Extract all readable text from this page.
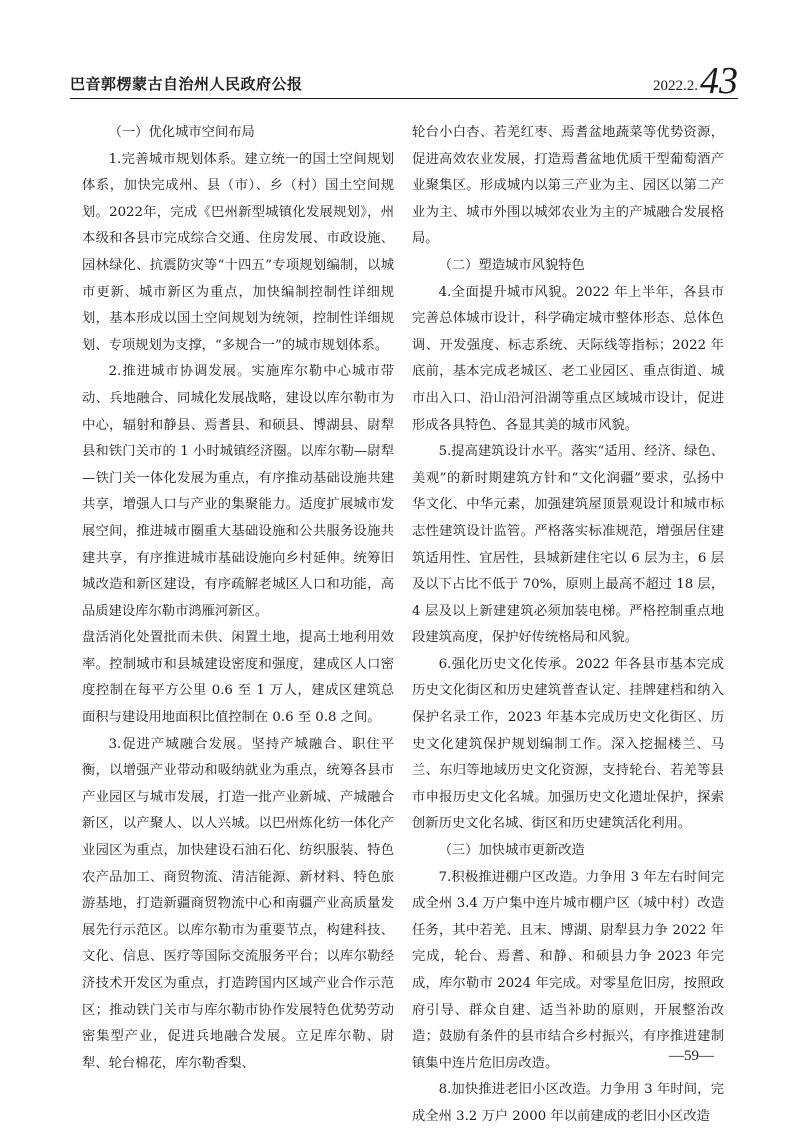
巴音郭楞蒙古自治州人民政府公报	2022.2. 43

（一）优化城市空间布局

1.完善城市规划体系。建立统一的国土空间规划体系，加快完成州、县（市）、乡（村）国土空间规划。2022年，完成《巴州新型城镇化发展规划》，州本级和各县市完成综合交通、住房发展、市政设施、园林绿化、抗震防灾等“十四五”专项规划编制，以城市更新、城市新区为重点，加快编制控制性详细规划，基本形成以国土空间规划为统领，控制性详细规划、专项规划为支撑，“多规合一”的城市规划体系。

2.推进城市协调发展。实施库尔勒中心城市带动、兵地融合、同城化发展战略，建设以库尔勒市为中心，辐射和静县、焉耆县、和硕县、博湖县、尉犁县和铁门关市的 1 小时城镇经济圈。以库尔勒—尉犁—铁门关一体化发展为重点，有序推动基础设施共建共享，增强人口与产业的集聚能力。适度扩展城市发展空间，推进城市圈重大基础设施和公共服务设施共建共享，有序推进城市基础设施向乡村延伸。统筹旧城改造和新区建设，有序疏解老城区人口和功能，高品质建设库尔勒市鸿雁河新区。

盘活消化处置批而未供、闲置土地，提高土地利用效率。控制城市和县城建设密度和强度，建成区人口密度控制在每平方公里 0.6 至 1 万人，建成区建筑总面积与建设用地面积比值控制在 0.6 至 0.8 之间。

3.促进产城融合发展。坚持产城融合、职住平衡，以增强产业带动和吸纳就业为重点，统筹各县市产业园区与城市发展，打造一批产业新城、产城融合新区，以产聚人、以人兴城。以巴州炼化纺一体化产业园区为重点，加快建设石油石化、纺织服装、特色农产品加工、商贸物流、清洁能源、新材料、特色旅游基地，打造新疆商贸物流中心和南疆产业高质量发展先行示范区。以库尔勒市为重要节点，构建科技、文化、信息、医疗等国际交流服务平台；以库尔勒经济技术开发区为重点，打造跨国内区域产业合作示范区；推动铁门关市与库尔勒市协作发展特色优势劳动密集型产业，促进兵地融合发展。立足库尔勒、尉犁、轮台棉花，库尔勒香梨、

轮台小白杏、若羌红枣、焉耆盆地蔬菜等优势资源，促进高效农业发展，打造焉耆盆地优质干型葡萄酒产业聚集区。形成城内以第三产业为主、园区以第二产业为主、城市外围以城郊农业为主的产城融合发展格局。

（二）塑造城市风貌特色

4.全面提升城市风貌。2022 年上半年，各县市完善总体城市设计，科学确定城市整体形态、总体色调、开发强度、标志系统、天际线等指标；2022 年底前，基本完成老城区、老工业园区、重点街道、城市出入口、沿山沿河沿湖等重点区域城市设计，促进形成各具特色、各显其美的城市风貌。

5.提高建筑设计水平。落实“适用、经济、绿色、美观”的新时期建筑方针和“文化润疆”要求，弘扬中华文化、中华元素，加强建筑屋顶景观设计和城市标志性建筑设计监管。严格落实标准规范，增强居住建筑适用性、宜居性，县城新建住宅以 6 层为主，6 层及以下占比不低于 70%，原则上最高不超过 18 层，4 层及以上新建建筑必须加装电梯。严格控制重点地段建筑高度，保护好传统格局和风貌。

6.强化历史文化传承。2022 年各县市基本完成历史文化街区和历史建筑普查认定、挂牌建档和纳入保护名录工作，2023 年基本完成历史文化街区、历史文化建筑保护规划编制工作。深入挖掘楼兰、马兰、东归等地域历史文化资源，支持轮台、若羌等县市申报历史文化名城。加强历史文化遗址保护，探索创新历史文化名城、街区和历史建筑活化利用。

（三）加快城市更新改造

7.积极推进棚户区改造。力争用 3 年左右时间完成全州 3.4 万户集中连片城市棚户区（城中村）改造任务，其中若羌、且末、博湖、尉犁县力争 2022 年完成，轮台、焉耆、和静、和硕县力争 2023 年完成，库尔勒市 2024 年完成。对零星危旧房，按照政府引导、群众自建、适当补助的原则，开展整治改造；鼓励有条件的县市结合乡村振兴，有序推进建制镇集中连片危旧房改造。

8.加快推进老旧小区改造。力争用 3 年时间，完成全州 3.2 万户 2000 年以前建成的老旧小区改造

—59—
